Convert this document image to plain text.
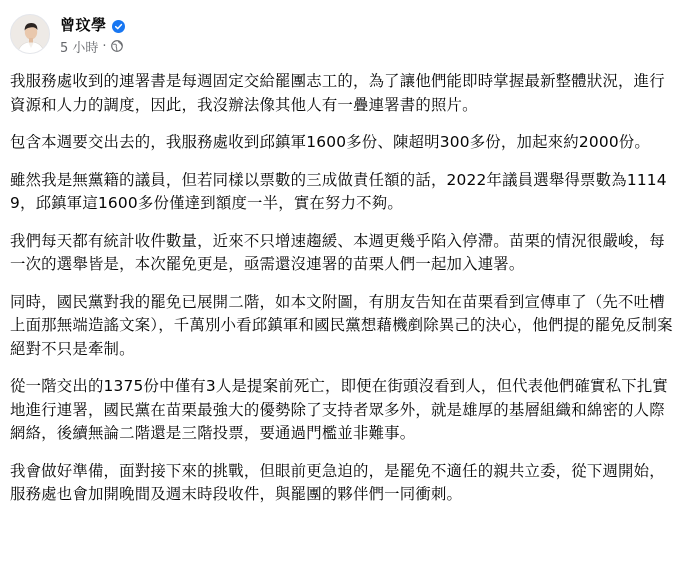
曾玟學
5 小時 ·

我服務處收到的連署書是每週固定交給罷團志工的，為了讓他們能即時掌握最新整體狀況，進行資源和人力的調度，因此，我沒辦法像其他人有一疊連署書的照片。

包含本週要交出去的，我服務處收到邱鎮軍1600多份、陳超明300多份，加起來約2000份。

雖然我是無黨籍的議員，但若同樣以票數的三成做責任額的話，2022年議員選舉得票數為11149，邱鎮軍這1600多份僅達到額度一半，實在努力不夠。

我們每天都有統計收件數量，近來不只增速趨緩、本週更幾乎陷入停滯。苗栗的情況很嚴峻，每一次的選舉皆是，本次罷免更是，亟需還沒連署的苗栗人們一起加入連署。

同時，國民黨對我的罷免已展開二階，如本文附圖，有朋友告知在苗栗看到宣傳車了（先不吐槽上面那無端造謠文案），千萬別小看邱鎮軍和國民黨想藉機剷除異己的決心，他們提的罷免反制案絕對不只是牽制。

從一階交出的1375份中僅有3人是提案前死亡，即便在街頭沒看到人，但代表他們確實私下扎實地進行連署，國民黨在苗栗最強大的優勢除了支持者眾多外，就是雄厚的基層組織和綿密的人際網絡，後續無論二階還是三階投票，要通過門檻並非難事。

我會做好準備，面對接下來的挑戰，但眼前更急迫的，是罷免不適任的親共立委，從下週開始，服務處也會加開晚間及週末時段收件，與罷團的夥伴們一同衝刺。
